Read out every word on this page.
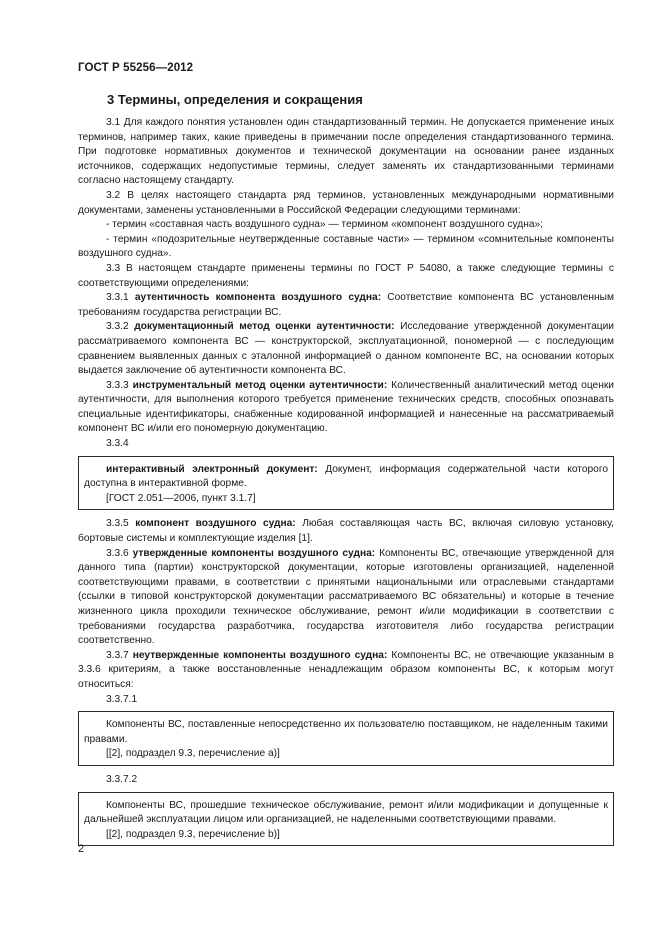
ГОСТ Р 55256—2012
3 Термины, определения и сокращения

3.1 Для каждого понятия установлен один стандартизованный термин. Не допускается применение иных терминов, например таких, какие приведены в примечании после определения стандартизованного термина. При подготовке нормативных документов и технической документации на основании ранее изданных источников, содержащих недопустимые термины, следует заменять их стандартизованными терминами согласно настоящему стандарту.

3.2 В целях настоящего стандарта ряд терминов, установленных международными нормативными документами, заменены установленными в Российской Федерации следующими терминами:

- термин «составная часть воздушного судна» — термином «компонент воздушного судна»;

- термин «подозрительные неутвержденные составные части» — термином «сомнительные компоненты воздушного судна».

3.3 В настоящем стандарте применены термины по ГОСТ Р 54080, а также следующие термины с соответствующими определениями:

3.3.1 аутентичность компонента воздушного судна: Соответствие компонента ВС установленным требованиям государства регистрации ВС.

3.3.2 документационный метод оценки аутентичности: Исследование утвержденной документации рассматриваемого компонента ВС — конструкторской, эксплуатационной, пономерной — с последующим сравнением выявленных данных с эталонной информацией о данном компоненте ВС, на основании которых выдается заключение об аутентичности компонента ВС.

3.3.3 инструментальный метод оценки аутентичности: Количественный аналитический метод оценки аутентичности, для выполнения которого требуется применение технических средств, способных опознавать специальные идентификаторы, снабженные кодированной информацией и нанесенные на рассматриваемый компонент ВС и/или его пономерную документацию.

3.3.4

интерактивный электронный документ: Документ, информация содержательной части которого доступна в интерактивной форме.

[ГОСТ 2.051—2006, пункт 3.1.7]

3.3.5 компонент воздушного судна: Любая составляющая часть ВС, включая силовую установку, бортовые системы и комплектующие изделия [1].

3.3.6 утвержденные компоненты воздушного судна: Компоненты ВС, отвечающие утвержденной для данного типа (партии) конструкторской документации, которые изготовлены организацией, наделенной соответствующими правами, в соответствии с принятыми национальными или отраслевыми стандартами (ссылки в типовой конструкторской документации рассматриваемого ВС обязательны) и которые в течение жизненного цикла проходили техническое обслуживание, ремонт и/или модификации в соответствии с требованиями государства разработчика, государства изготовителя либо государства регистрации соответственно.

3.3.7 неутвержденные компоненты воздушного судна: Компоненты ВС, не отвечающие указанным в 3.3.6 критериям, а также восстановленные ненадлежащим образом компоненты ВС, к которым могут относиться:

3.3.7.1

Компоненты ВС, поставленные непосредственно их пользователю поставщиком, не наделенным такими правами.

[[2], подраздел 9.3, перечисление а)]

3.3.7.2

Компоненты ВС, прошедшие техническое обслуживание, ремонт и/или модификации и допущенные к дальнейшей эксплуатации лицом или организацией, не наделенными соответствующими правами.

[[2], подраздел 9.3, перечисление b)]

2
